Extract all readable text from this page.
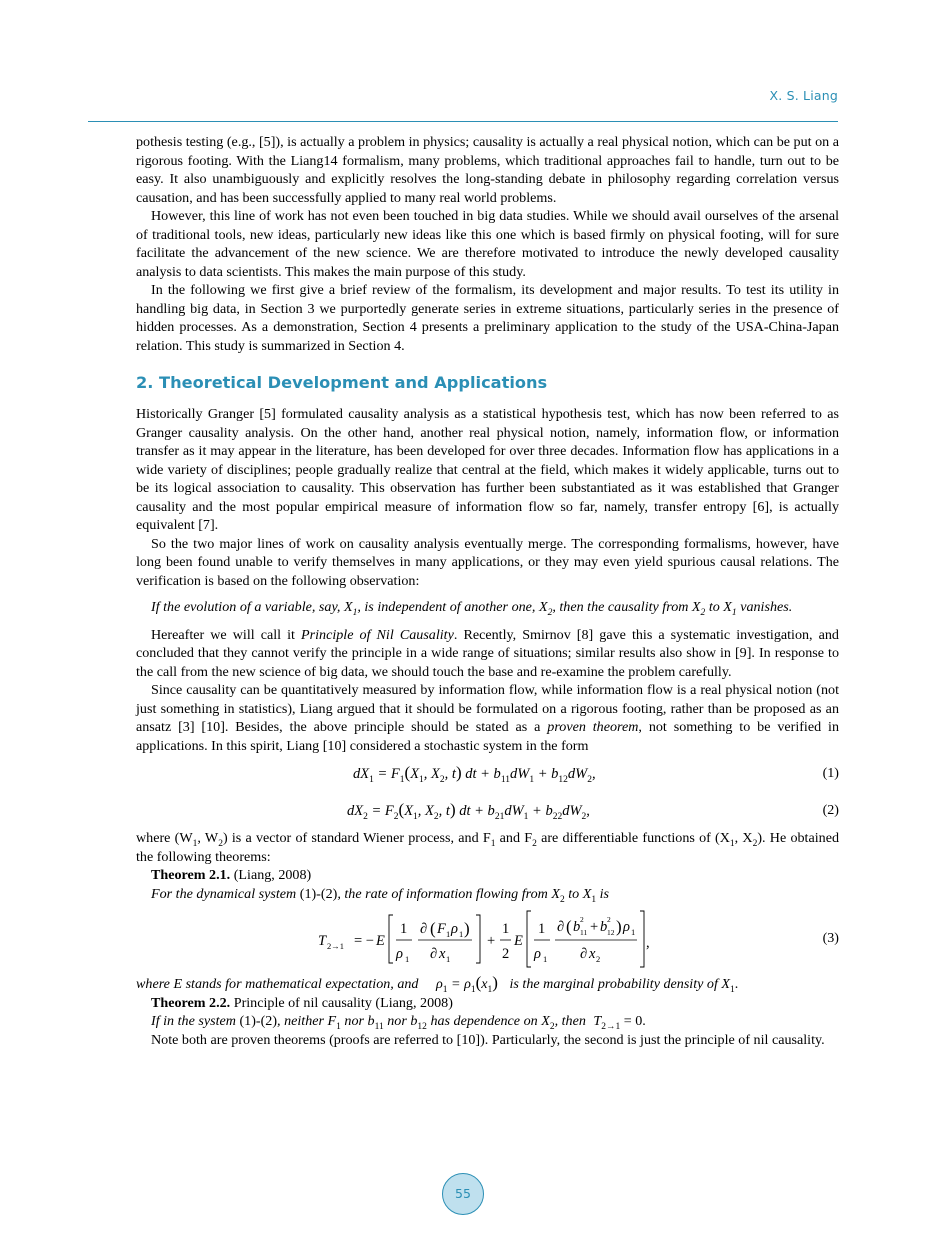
X. S. Liang

pothesis testing (e.g., [5]), is actually a problem in physics; causality is actually a real physical notion, which can be put on a rigorous footing. With the Liang14 formalism, many problems, which traditional approaches fail to handle, turn out to be easy. It also unambiguously and explicitly resolves the long-standing debate in philosophy regarding correlation versus causation, and has been successfully applied to many real world problems.

However, this line of work has not even been touched in big data studies. While we should avail ourselves of the arsenal of traditional tools, new ideas, particularly new ideas like this one which is based firmly on physical footing, will for sure facilitate the advancement of the new science. We are therefore motivated to introduce the newly developed causality analysis to data scientists. This makes the main purpose of this study.

In the following we first give a brief review of the formalism, its development and major results. To test its utility in handling big data, in Section 3 we purportedly generate series in extreme situations, particularly series in the presence of hidden processes. As a demonstration, Section 4 presents a preliminary application to the study of the USA-China-Japan relation. This study is summarized in Section 4.

2. Theoretical Development and Applications

Historically Granger [5] formulated causality analysis as a statistical hypothesis test, which has now been referred to as Granger causality analysis. On the other hand, another real physical notion, namely, information flow, or information transfer as it may appear in the literature, has been developed for over three decades. Information flow has applications in a wide variety of disciplines; people gradually realize that central at the field, which makes it widely applicable, turns out to be its logical association to causality. This observation has further been substantiated as it was established that Granger causality and the most popular empirical measure of information flow so far, namely, transfer entropy [6], is actually equivalent [7].

So the two major lines of work on causality analysis eventually merge. The corresponding formalisms, however, have long been found unable to verify themselves in many applications, or they may even yield spurious causal relations. The verification is based on the following observation:

If the evolution of a variable, say, $X_1$, is independent of another one, $X_2$, then the causality from $X_2$ to $X_1$ vanishes.

Hereafter we will call it Principle of Nil Causality. Recently, Smirnov [8] gave this a systematic investigation, and concluded that they cannot verify the principle in a wide range of situations; similar results also show in [9]. In response to the call from the new science of big data, we should touch the base and re-examine the problem carefully.

Since causality can be quantitatively measured by information flow, while information flow is a real physical notion (not just something in statistics), Liang argued that it should be formulated on a rigorous footing, rather than be proposed as an ansatz [3] [10]. Besides, the above principle should be stated as a proven theorem, not something to be verified in applications. In this spirit, Liang [10] considered a stochastic system in the form

$dX_1 = F_1(X_1$, $X_2$, t) dt + $b_{11}dW_1 + b_{12}dW_2$,	(1)
$dX_2 = F_2(X_1$, $X_2$, t) dt + $b_{21}dW_1 + b_{22}dW_2$,	(2)

where ($W_1$, $W_2$) is a vector of standard Wiener process, and $F_1$ and $F_2$ are differentiable functions of ($X_1$, $X_2$). He obtained the following theorems:

Theorem 2.1. (Liang, 2008)

For the dynamical system (1)-(2), the rate of information flowing from $X_2$ to $X_1$ is

T 2→1 = − E
1
ρ 1
∂ ( F 1 ρ 1 )
∂ x 1
+
1
2
E
1
ρ 1
∂ ( b 2
11 + b 2
12 ) ρ 1
∂ x 2
,	(3)

where E stands for mathematical expectation, and $\rho_1 = \rho_1(x_1)$ is the marginal probability density of $X_1$.

Theorem 2.2. Principle of nil causality (Liang, 2008)

If in the system (1)-(2), neither $F_1$ nor $b_{11}$ nor $b_{12}$ has dependence on $X_2$, then $T_{2\to 1} = 0$.

Note both are proven theorems (proofs are referred to [10]). Particularly, the second is just the principle of nil causality.

55
